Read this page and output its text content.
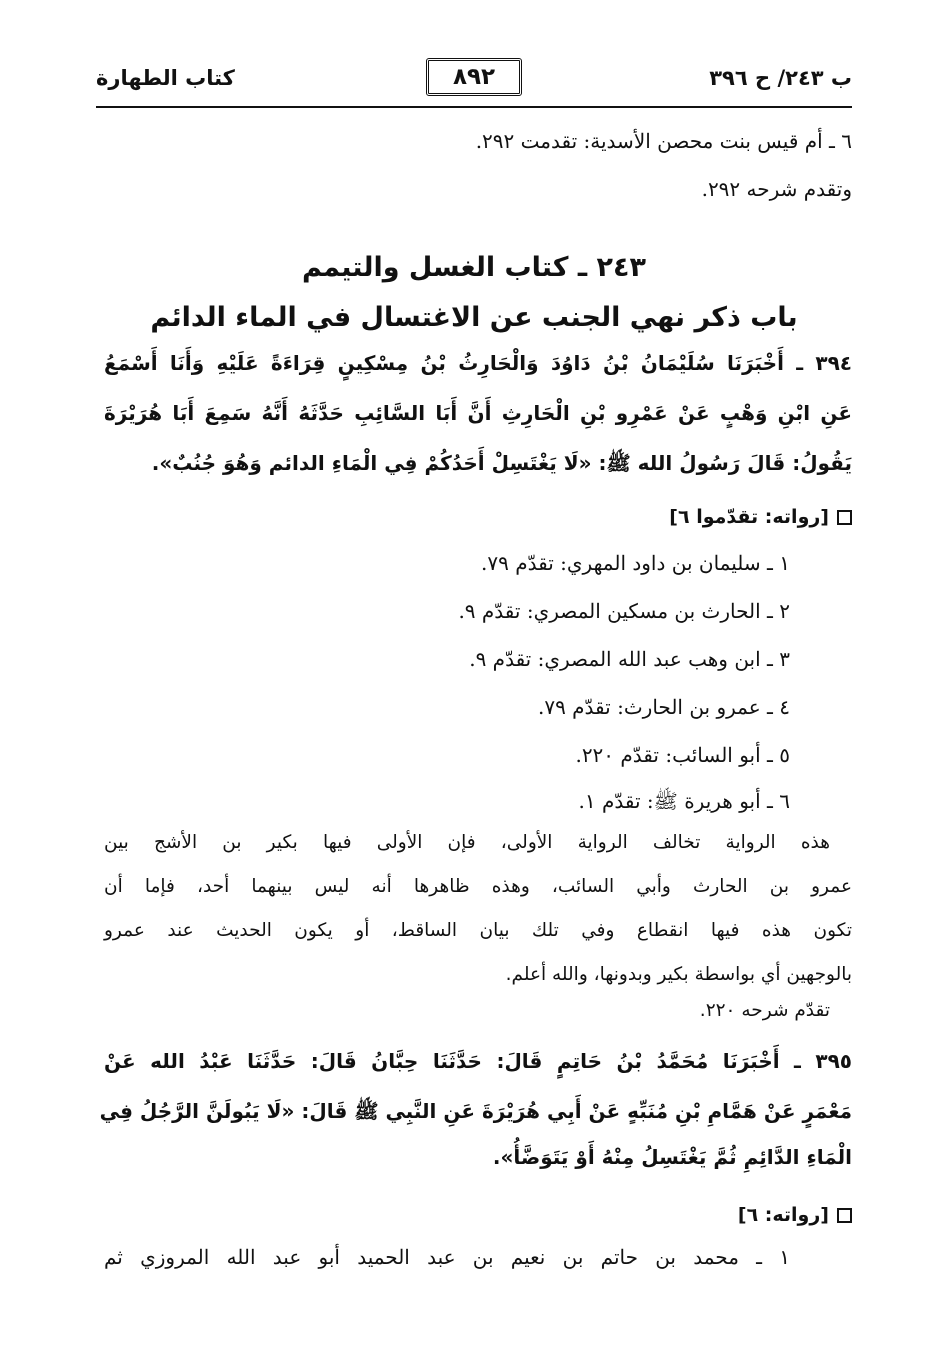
ب ٢٤٣/ ح ٣٩٦
٨٩٢
كتاب الطهارة
٦ ـ أم قيس بنت محصن الأسدية: تقدمت ٢٩٢.
وتقدم شرحه ٢٩٢.
٢٤٣ ـ كتاب الغسل والتيمم
باب ذكر نهي الجنب عن الاغتسال في الماء الدائم
٣٩٤ ـ أَخْبَرَنَا سُلَيْمَانُ بْنُ دَاوُدَ وَالْحَارِثُ بْنُ مِسْكِينٍ قِرَاءَةً عَلَيْهِ وَأَنَا أَسْمَعُ
عَنِ ابْنِ وَهْبٍ عَنْ عَمْرِو بْنِ الْحَارِثِ أَنَّ أَبَا السَّائِبِ حَدَّثَهُ أَنَّهُ سَمِعَ أَبَا هُرَيْرَةَ
يَقُولُ: قَالَ رَسُولُ الله ﷺ: «لَا يَغْتَسِلْ أَحَدُكُمْ فِي الْمَاءِ الدائم وَهُوَ جُنُبٌ».
[رواته: تقدّموا ٦]
١ ـ سليمان بن داود المهري: تقدّم ٧٩.
٢ ـ الحارث بن مسكين المصري: تقدّم ٩.
٣ ـ ابن وهب عبد الله المصري: تقدّم ٩.
٤ ـ عمرو بن الحارث: تقدّم ٧٩.
٥ ـ أبو السائب: تقدّم ٢٢٠.
٦ ـ أبو هريرة ﷺ: تقدّم ١.
هذه الرواية تخالف الرواية الأولى، فإن الأولى فيها بكير بن الأشج بين
عمرو بن الحارث وأبي السائب، وهذه ظاهرها أنه ليس بينهما أحد، فإما أن
تكون هذه فيها انقطاع وفي تلك بيان الساقط، أو يكون الحديث عند عمرو
بالوجهين أي بواسطة بكير وبدونها، والله أعلم.
تقدّم شرحه ٢٢٠.
٣٩٥ ـ أَخْبَرَنَا مُحَمَّدُ بْنُ حَاتِمٍ قَالَ: حَدَّثَنَا حِبَّانُ قَالَ: حَدَّثَنَا عَبْدُ الله عَنْ
مَعْمَرٍ عَنْ هَمَّامِ بْنِ مُنَبِّهٍ عَنْ أَبِي هُرَيْرَةَ عَنِ النَّبِي ﷺ قَالَ: «لَا يَبُولَنَّ الرَّجُلُ فِي
الْمَاءِ الدَّائِمِ ثُمَّ يَغْتَسِلُ مِنْهُ أَوْ يَتَوَضَّأُ».
[رواته: ٦]
١ ـ محمد بن حاتم بن نعيم بن عبد الحميد أبو عبد الله المروزي ثم
